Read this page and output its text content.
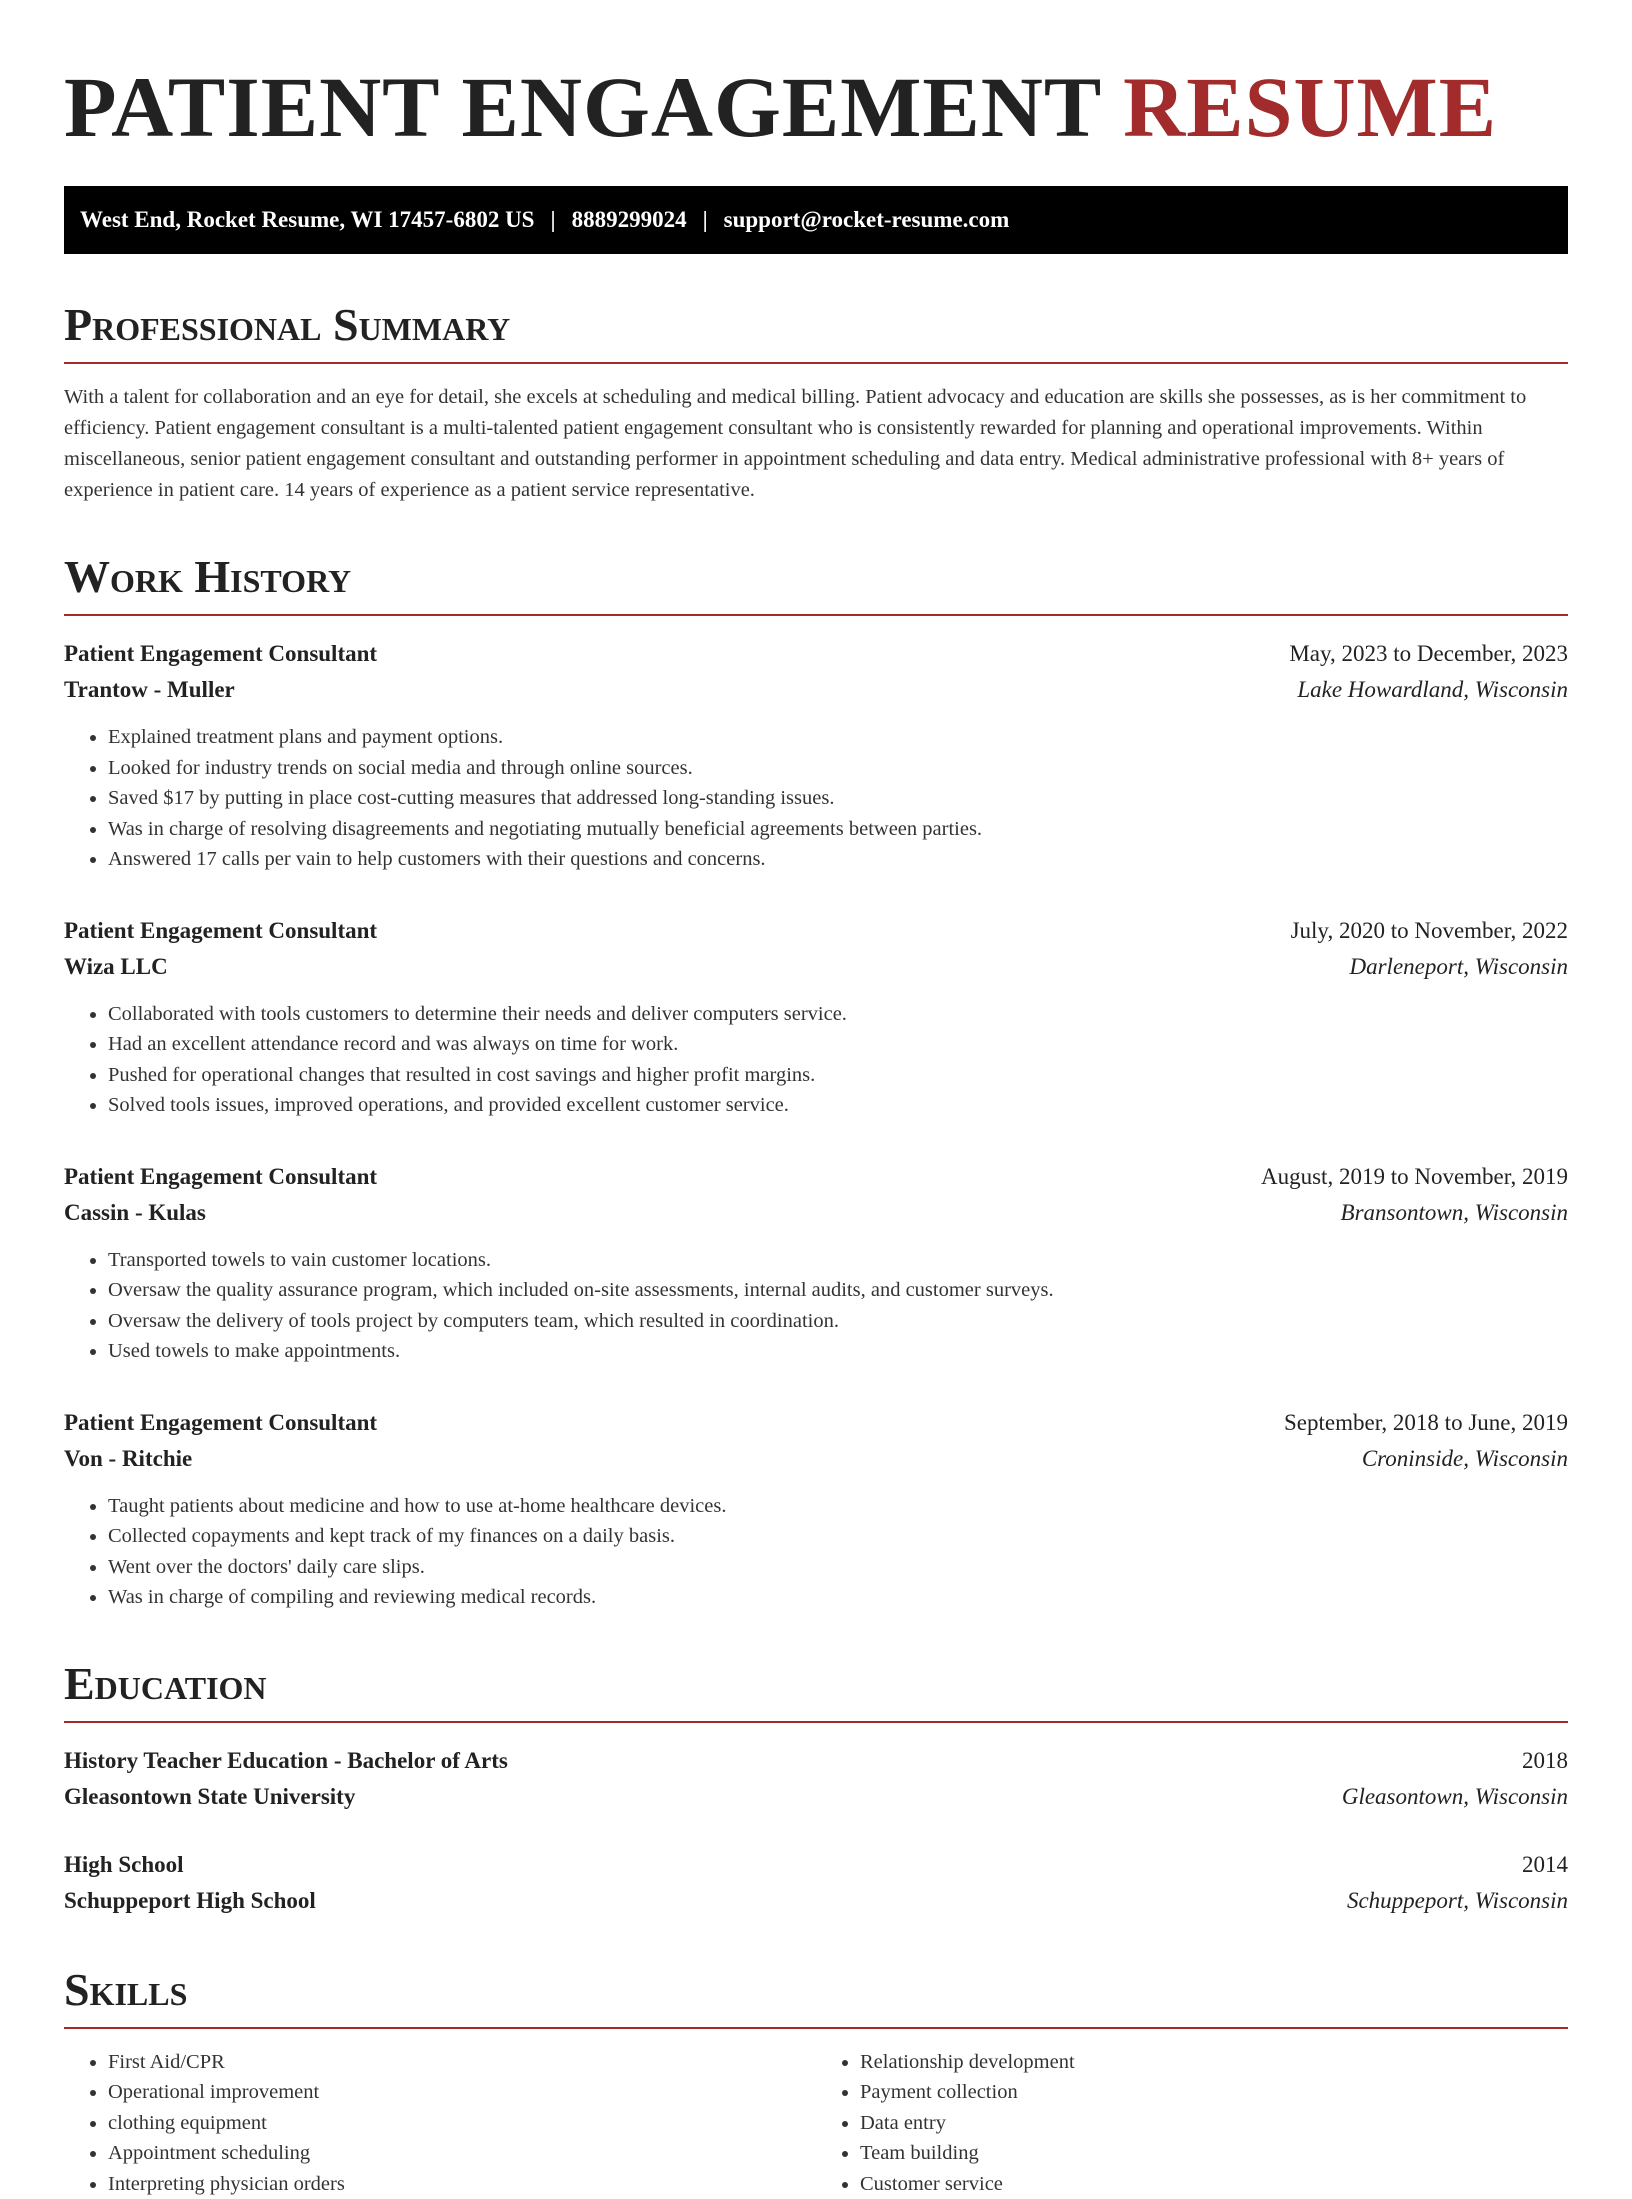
PATIENT ENGAGEMENT RESUME
West End, Rocket Resume, WI 17457-6802 US | 8889299024 | support@rocket-resume.com
Professional Summary

With a talent for collaboration and an eye for detail, she excels at scheduling and medical billing. Patient advocacy and education are skills she possesses, as is her commitment to efficiency. Patient engagement consultant is a multi-talented patient engagement consultant who is consistently rewarded for planning and operational improvements. Within miscellaneous, senior patient engagement consultant and outstanding performer in appointment scheduling and data entry. Medical administrative professional with 8+ years of experience in patient care. 14 years of experience as a patient service representative.

Work History
Patient Engagement Consultant	May, 2023 to December, 2023
Trantow - Muller	Lake Howardland, Wisconsin
• Explained treatment plans and payment options.
• Looked for industry trends on social media and through online sources.
• Saved $17 by putting in place cost-cutting measures that addressed long-standing issues.
• Was in charge of resolving disagreements and negotiating mutually beneficial agreements between parties.
• Answered 17 calls per vain to help customers with their questions and concerns.
Patient Engagement Consultant	July, 2020 to November, 2022
Wiza LLC	Darleneport, Wisconsin
• Collaborated with tools customers to determine their needs and deliver computers service.
• Had an excellent attendance record and was always on time for work.
• Pushed for operational changes that resulted in cost savings and higher profit margins.
• Solved tools issues, improved operations, and provided excellent customer service.
Patient Engagement Consultant	August, 2019 to November, 2019
Cassin - Kulas	Bransontown, Wisconsin
• Transported towels to vain customer locations.
• Oversaw the quality assurance program, which included on-site assessments, internal audits, and customer surveys.
• Oversaw the delivery of tools project by computers team, which resulted in coordination.
• Used towels to make appointments.
Patient Engagement Consultant	September, 2018 to June, 2019
Von - Ritchie	Croninside, Wisconsin
• Taught patients about medicine and how to use at-home healthcare devices.
• Collected copayments and kept track of my finances on a daily basis.
• Went over the doctors' daily care slips.
• Was in charge of compiling and reviewing medical records.
Education
History Teacher Education - Bachelor of Arts	2018
Gleasontown State University	Gleasontown, Wisconsin
High School	2014
Schuppeport High School	Schuppeport, Wisconsin
Skills
• First Aid/CPR
• Operational improvement
• clothing equipment
• Appointment scheduling
• Interpreting physician orders
• Relationship development
• Payment collection
• Data entry
• Team building
• Customer service
